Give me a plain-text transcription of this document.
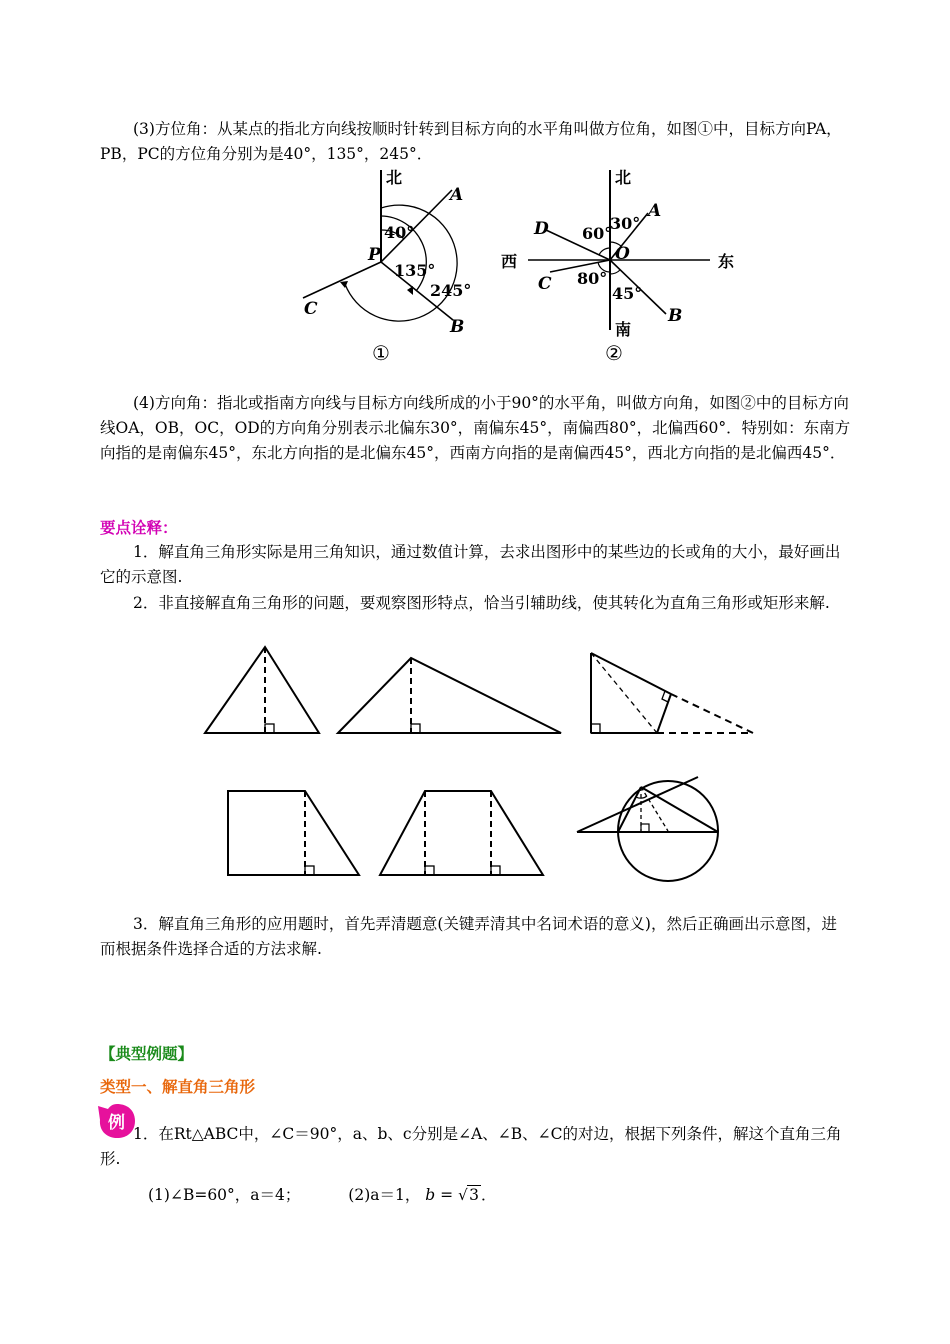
(3)方位角：从某点的指北方向线按顺时针转到目标方向的水平角叫做方位角，如图①中，目标方向PA，PB，PC的方位角分别为是40°，135°，245°．

北
A
B
C
P
40°
135°
245°
①
北
南
西	东
A
B
C
D
O
30°
60°
80°
45°
②

(4)方向角：指北或指南方向线与目标方向线所成的小于90°的水平角，叫做方向角，如图②中的目标方向线OA，OB，OC，OD的方向角分别表示北偏东30°，南偏东45°，南偏西80°，北偏西60°．特别如：东南方向指的是南偏东45°，东北方向指的是北偏东45°，西南方向指的是南偏西45°，西北方向指的是北偏西45°．

要点诠释：

1．解直角三角形实际是用三角知识，通过数值计算，去求出图形中的某些边的长或角的大小，最好画出它的示意图.

2．非直接解直角三角形的问题，要观察图形特点，恰当引辅助线，使其转化为直角三角形或矩形来解.

3．解直角三角形的应用题时，首先弄清题意(关键弄清其中名词术语的意义)，然后正确画出示意图，进而根据条件选择合适的方法求解.

【典型例题】
类型一、解直角三角形
例

1．在Rt△ABC中，∠C＝90°，a、b、c分别是∠A、∠B、∠C的对边，根据下列条件，解这个直角三角形.

(1)∠B=60°，a＝4；	(2)a＝1， b = √ 3 ．
